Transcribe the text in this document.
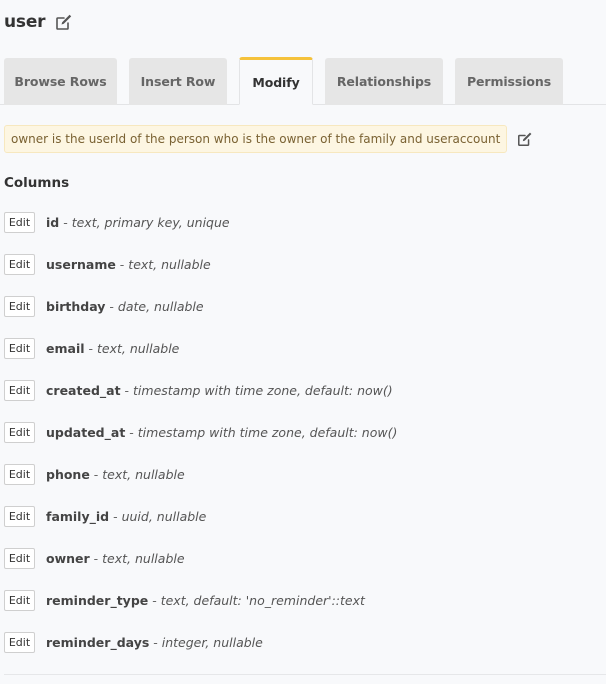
user
Browse Rows	Insert Row	Modify	Relationships	Permissions
owner is the userId of the person who is the owner of the family and useraccount
Columns
Edit	id - text, primary key, unique
Edit	username - text, nullable
Edit	birthday - date, nullable
Edit	email - text, nullable
Edit	created_at - timestamp with time zone, default: now()
Edit	updated_at - timestamp with time zone, default: now()
Edit	phone - text, nullable
Edit	family_id - uuid, nullable
Edit	owner - text, nullable
Edit	reminder_type - text, default: 'no_reminder'::text
Edit	reminder_days - integer, nullable
